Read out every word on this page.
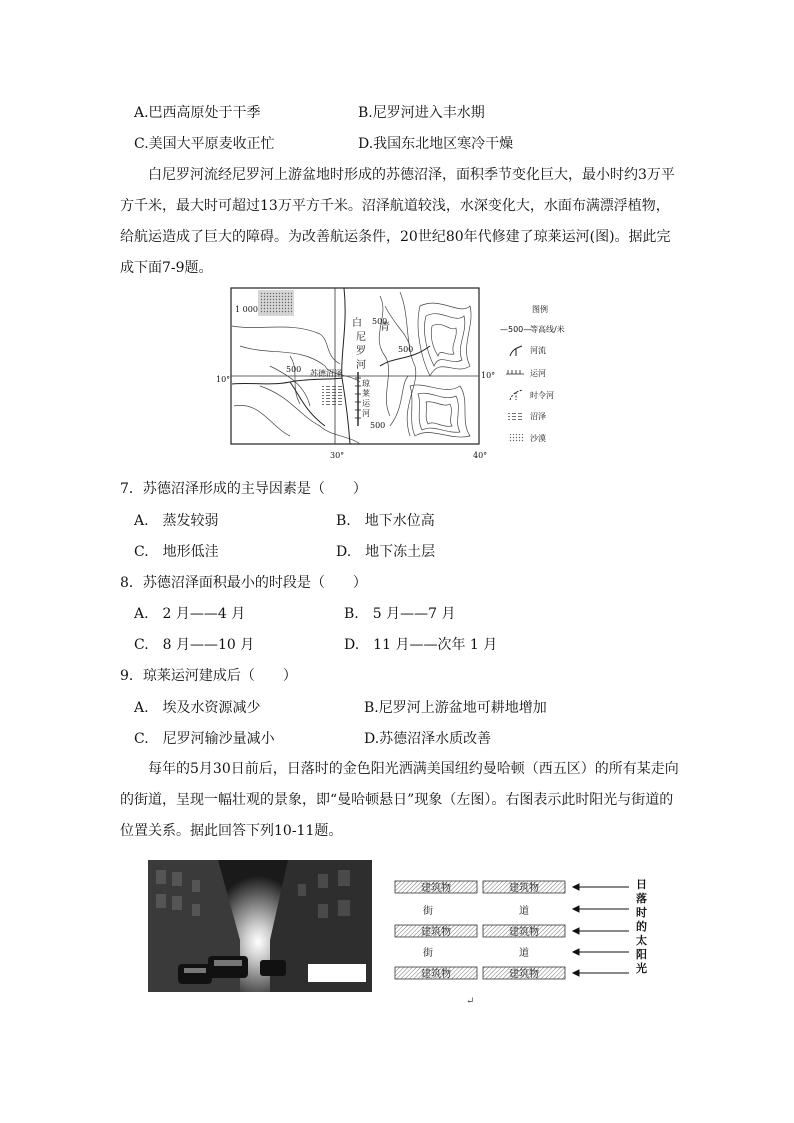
A.巴西高原处于干季	B.尼罗河进入丰水期
C.美国大平原麦收正忙	D.我国东北地区寒冷干燥

白尼罗河流经尼罗河上游盆地时形成的苏德沼泽，面积季节变化巨大，最小时约3万平方千米，最大时可超过13万平方千米。沼泽航道较浅，水深变化大，水面布满漂浮植物，给航运造成了巨大的障碍。为改善航运条件，20世纪80年代修建了琼莱运河(图)。据此完成下面7-9题。

1 000
500
500
500
500
白
尼
罗
河
苏德沼泽
琼
莱
运
河
青
10°	10°
30°	40°
图例
—500—
等高线/米
河流
运河
时令河
沼泽
沙漠
7．苏德沼泽形成的主导因素是（　　）
A.　蒸发较弱	B.　地下水位高
C.　地形低洼	D.　地下冻土层
8．苏德沼泽面积最小的时段是（　　）
A.　2 月——4 月	B.　5 月——7 月
C.　8 月——10 月	D.　11 月——次年 1 月
9．琼莱运河建成后（　　）
A.　埃及水资源减少	B.尼罗河上游盆地可耕地增加
C.　尼罗河输沙量减小	D.苏德沼泽水质改善

每年的5月30日前后，日落时的金色阳光洒满美国纽约曼哈顿（西五区）的所有某走向的街道，呈现一幅壮观的景象，即“曼哈顿悬日”现象（左图）。右图表示此时阳光与街道的位置关系。据此回答下列10-11题。

建筑物	建筑物
街	道
建筑物	建筑物
街	道
建筑物	建筑物
日
落
时
的
太
阳
光
↵
